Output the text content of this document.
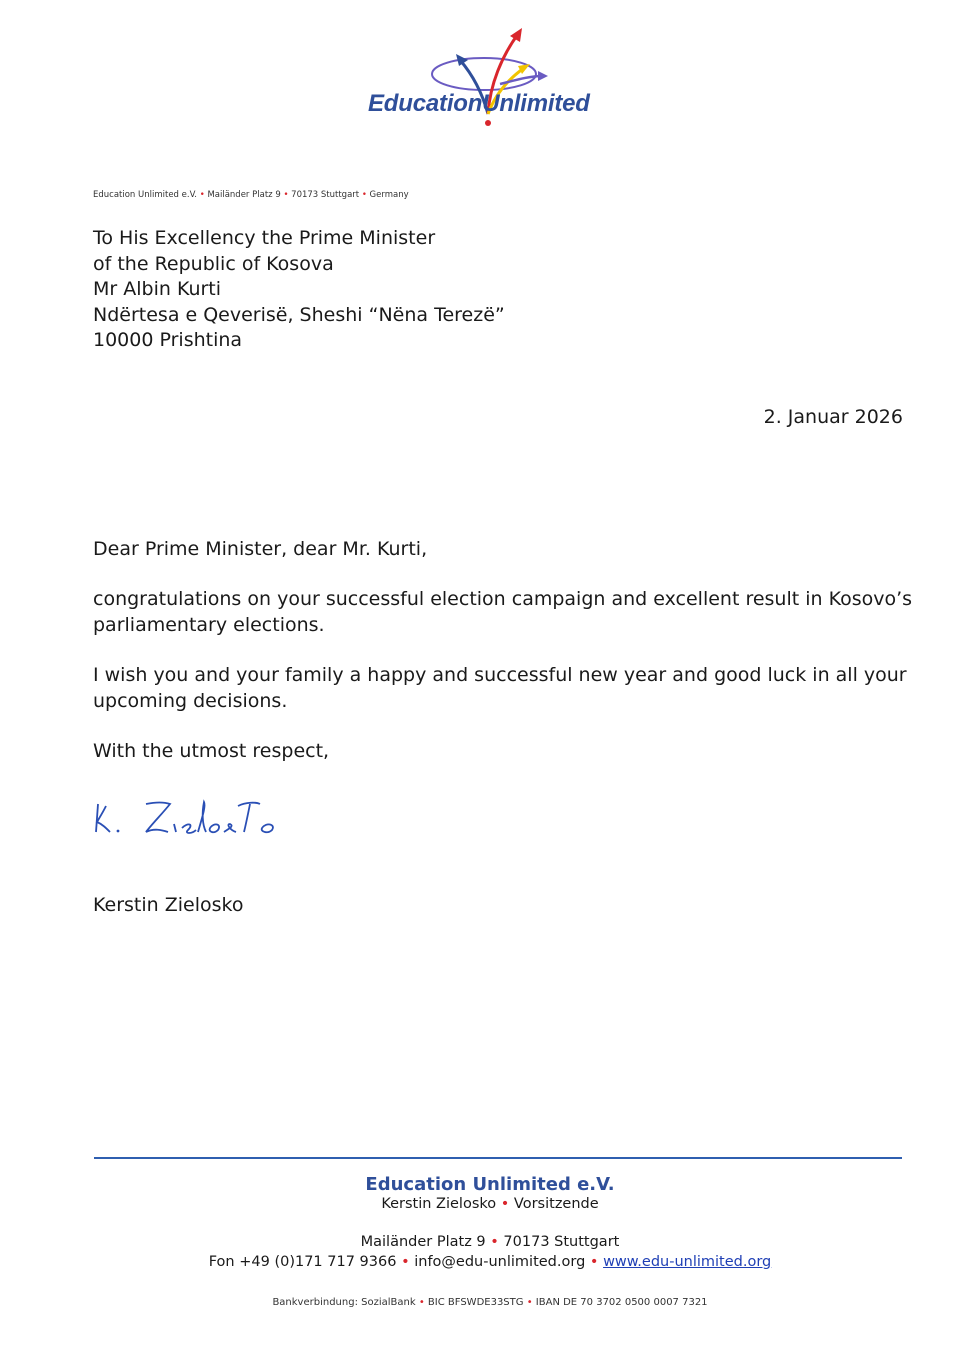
EducationUnlimited
Education Unlimited e.V. • Mailänder Platz 9 • 70173 Stuttgart • Germany
To His Excellency the Prime Minister
of the Republic of Kosova
Mr Albin Kurti
Ndërtesa e Qeverisë, Sheshi “Nëna Terezë”
10000 Prishtina
2. Januar 2026
Dear Prime Minister, dear Mr. Kurti,
congratulations on your successful election campaign and excellent result in Kosovo’s parliamentary elections.
I wish you and your family a happy and successful new year and good luck in all your upcoming decisions.
With the utmost respect,
Kerstin Zielosko
Education Unlimited e.V.
Kerstin Zielosko • Vorsitzende
Mailänder Platz 9 • 70173 Stuttgart
Fon +49 (0)171 717 9366 • info@edu-unlimited.org • www.edu-unlimited.org
Bankverbindung: SozialBank • BIC BFSWDE33STG • IBAN DE 70 3702 0500 0007 7321
